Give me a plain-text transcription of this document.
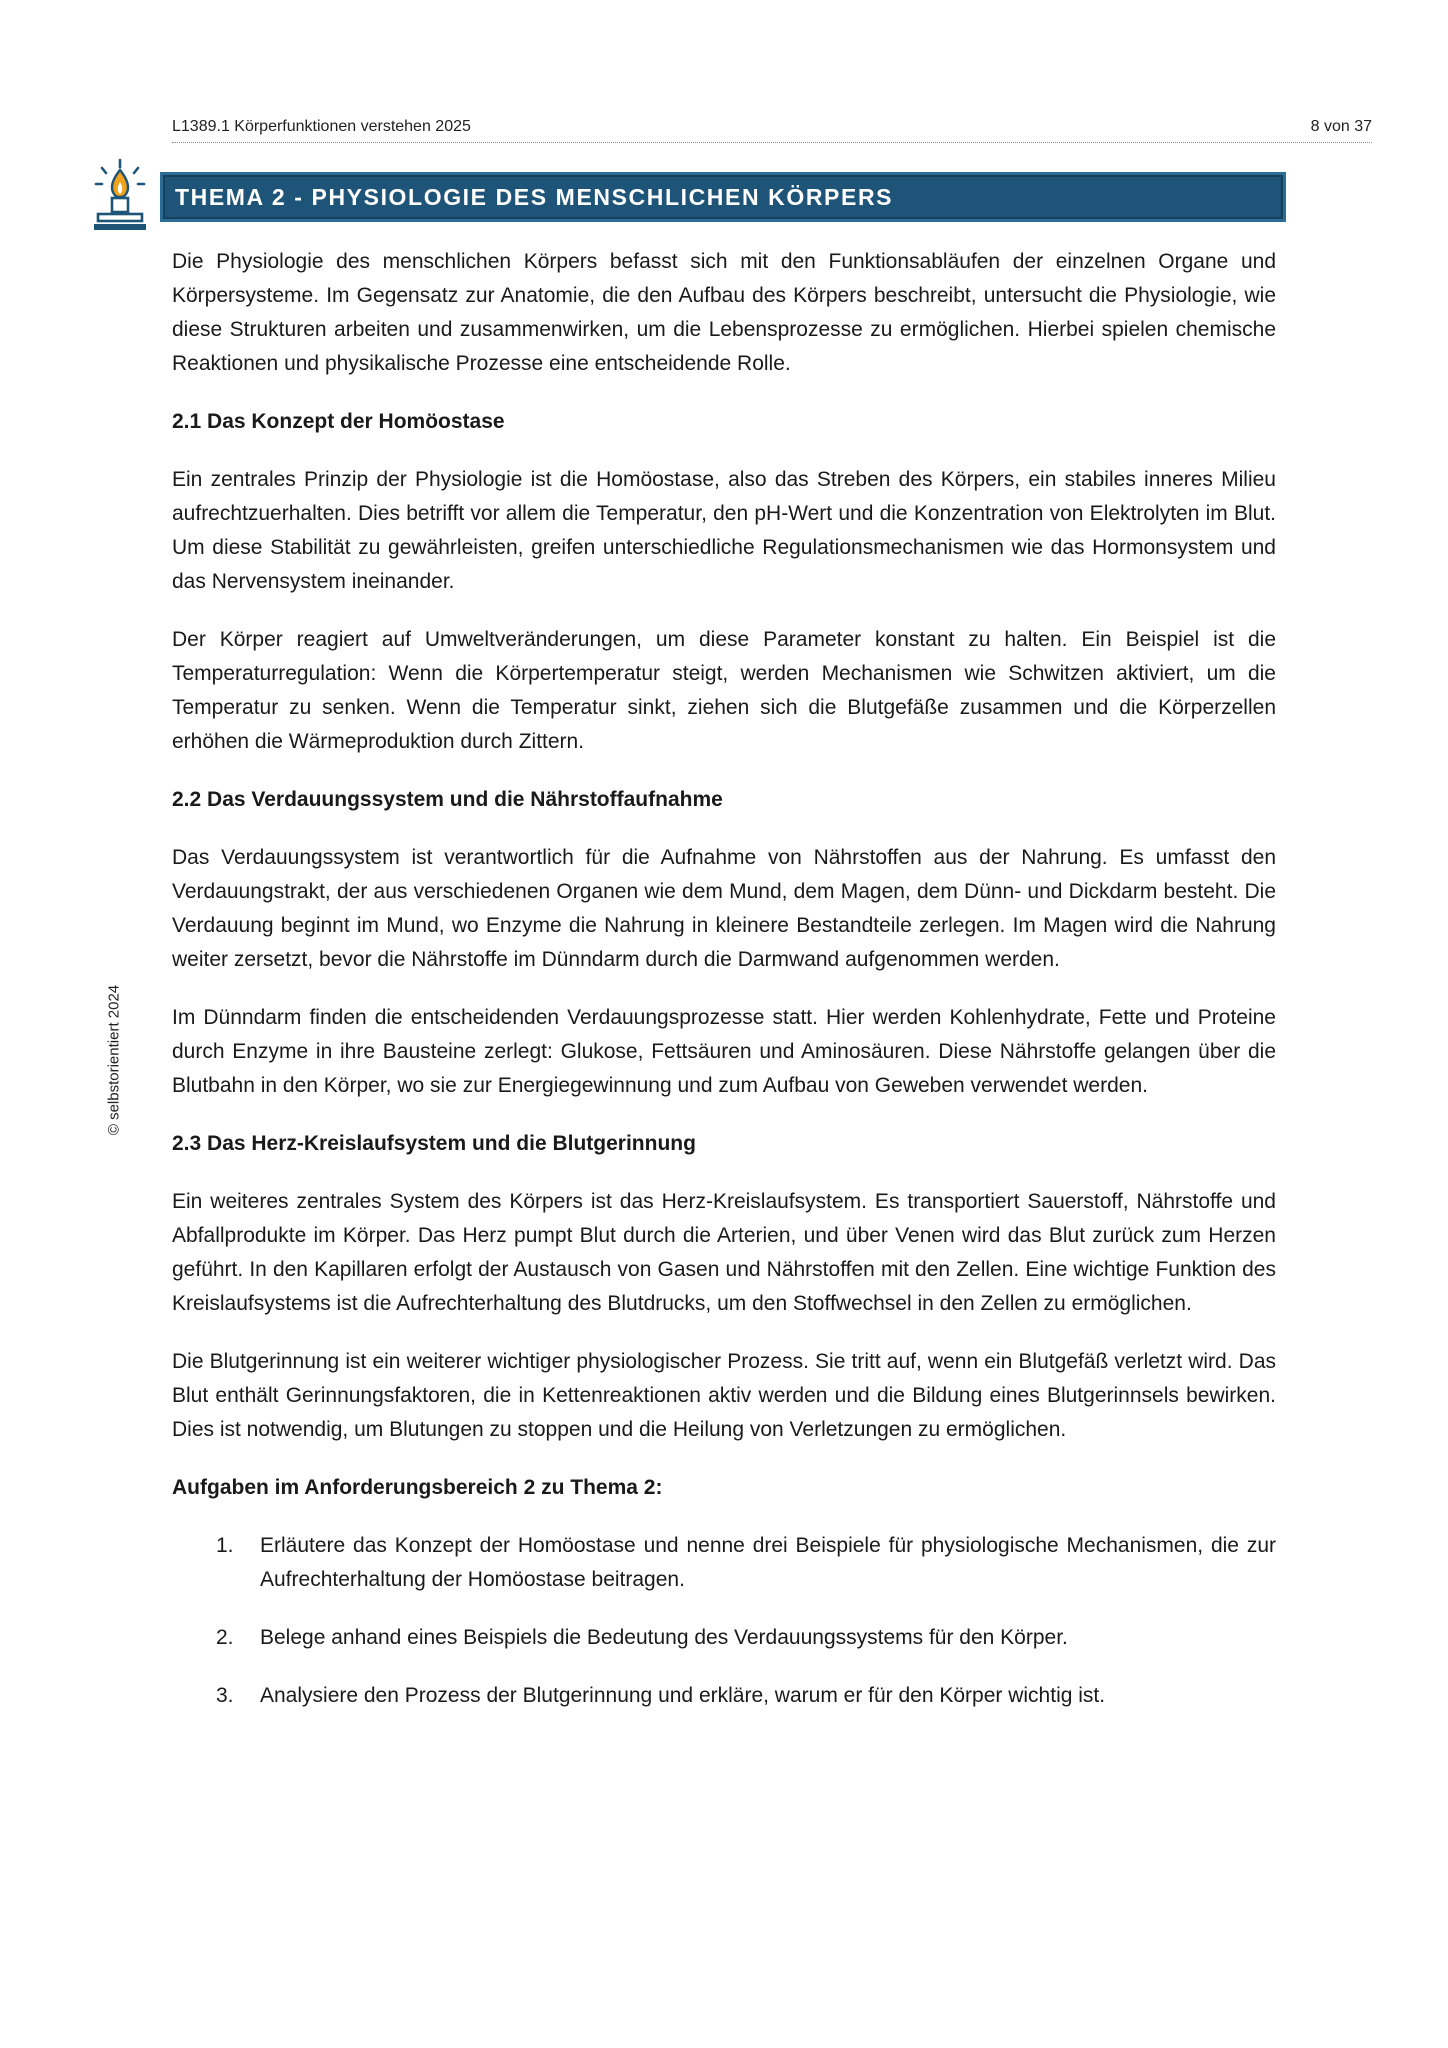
L1389.1 Körperfunktionen verstehen 2025	8 von 37
© selbstorientiert 2024
THEMA 2 - PHYSIOLOGIE DES MENSCHLICHEN KÖRPERS

Die Physiologie des menschlichen Körpers befasst sich mit den Funktionsabläufen der einzelnen Organe und Körpersysteme. Im Gegensatz zur Anatomie, die den Aufbau des Körpers beschreibt, untersucht die Physiologie, wie diese Strukturen arbeiten und zusammenwirken, um die Lebensprozesse zu ermöglichen. Hierbei spielen chemische Reaktionen und physikalische Prozesse eine entscheidende Rolle.

2.1 Das Konzept der Homöostase

Ein zentrales Prinzip der Physiologie ist die Homöostase, also das Streben des Körpers, ein stabiles inneres Milieu aufrechtzuerhalten. Dies betrifft vor allem die Temperatur, den pH-Wert und die Konzentration von Elektrolyten im Blut. Um diese Stabilität zu gewährleisten, greifen unterschiedliche Regulationsmechanismen wie das Hormonsystem und das Nervensystem ineinander.

Der Körper reagiert auf Umweltveränderungen, um diese Parameter konstant zu halten. Ein Beispiel ist die Temperaturregulation: Wenn die Körpertemperatur steigt, werden Mechanismen wie Schwitzen aktiviert, um die Temperatur zu senken. Wenn die Temperatur sinkt, ziehen sich die Blutgefäße zusammen und die Körperzellen erhöhen die Wärmeproduktion durch Zittern.

2.2 Das Verdauungssystem und die Nährstoffaufnahme

Das Verdauungssystem ist verantwortlich für die Aufnahme von Nährstoffen aus der Nahrung. Es umfasst den Verdauungstrakt, der aus verschiedenen Organen wie dem Mund, dem Magen, dem Dünn- und Dickdarm besteht. Die Verdauung beginnt im Mund, wo Enzyme die Nahrung in kleinere Bestandteile zerlegen. Im Magen wird die Nahrung weiter zersetzt, bevor die Nährstoffe im Dünndarm durch die Darmwand aufgenommen werden.

Im Dünndarm finden die entscheidenden Verdauungsprozesse statt. Hier werden Kohlenhydrate, Fette und Proteine durch Enzyme in ihre Bausteine zerlegt: Glukose, Fettsäuren und Aminosäuren. Diese Nährstoffe gelangen über die Blutbahn in den Körper, wo sie zur Energiegewinnung und zum Aufbau von Geweben verwendet werden.

2.3 Das Herz-Kreislaufsystem und die Blutgerinnung

Ein weiteres zentrales System des Körpers ist das Herz-Kreislaufsystem. Es transportiert Sauerstoff, Nährstoffe und Abfallprodukte im Körper. Das Herz pumpt Blut durch die Arterien, und über Venen wird das Blut zurück zum Herzen geführt. In den Kapillaren erfolgt der Austausch von Gasen und Nährstoffen mit den Zellen. Eine wichtige Funktion des Kreislaufsystems ist die Aufrechterhaltung des Blutdrucks, um den Stoffwechsel in den Zellen zu ermöglichen.

Die Blutgerinnung ist ein weiterer wichtiger physiologischer Prozess. Sie tritt auf, wenn ein Blutgefäß verletzt wird. Das Blut enthält Gerinnungsfaktoren, die in Kettenreaktionen aktiv werden und die Bildung eines Blutgerinnsels bewirken. Dies ist notwendig, um Blutungen zu stoppen und die Heilung von Verletzungen zu ermöglichen.

Aufgaben im Anforderungsbereich 2 zu Thema 2:
1. Erläutere das Konzept der Homöostase und nenne drei Beispiele für physiologische Mechanismen, die zur Aufrechterhaltung der Homöostase beitragen.
2. Belege anhand eines Beispiels die Bedeutung des Verdauungssystems für den Körper.
3. Analysiere den Prozess der Blutgerinnung und erkläre, warum er für den Körper wichtig ist.
